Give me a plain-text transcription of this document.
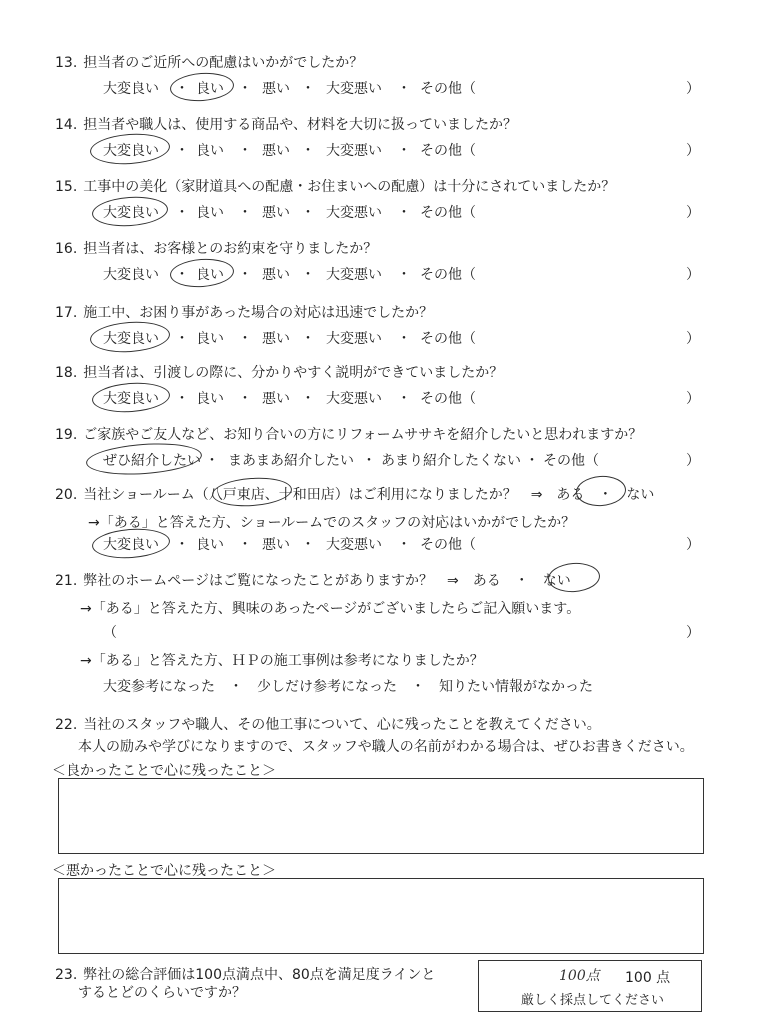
13. 担当者のご近所への配慮はいかがでしたか？
大変良い ・ 良い ・ 悪い ・ 大変悪い ・ その他（	）
14. 担当者や職人は、使用する商品や、材料を大切に扱っていましたか？
大変良い ・ 良い ・ 悪い ・ 大変悪い ・ その他（	）
15. 工事中の美化（家財道具への配慮・お住まいへの配慮）は十分にされていましたか？
大変良い ・ 良い ・ 悪い ・ 大変悪い ・ その他（	）
16. 担当者は、お客様とのお約束を守りましたか？
大変良い ・ 良い ・ 悪い ・ 大変悪い ・ その他（	）
17. 施工中、お困り事があった場合の対応は迅速でしたか？
大変良い ・ 良い ・ 悪い ・ 大変悪い ・ その他（	）
18. 担当者は、引渡しの際に、分かりやすく説明ができていましたか？
大変良い ・ 良い ・ 悪い ・ 大変悪い ・ その他（	）
19. ご家族やご友人など、お知り合いの方にリフォームササキを紹介したいと思われますか？
ぜひ紹介したい ・ まあまあ紹介したい ・ あまり紹介したくない ・ その他（	）
20. 当社ショールーム（八戸東店、十和田店）はご利用になりましたか？　⇒　ある　・　ない
→「ある」と答えた方、ショールームでのスタッフの対応はいかがでしたか？
大変良い ・ 良い ・ 悪い ・ 大変悪い ・ その他（	）
21. 弊社のホームページはご覧になったことがありますか？　⇒　ある　・　ない
→「ある」と答えた方、興味のあったページがございましたらご記入願います。
（	）
→「ある」と答えた方、ＨＰの施工事例は参考になりましたか？
大変参考になった　・　少しだけ参考になった　・　知りたい情報がなかった
22. 当社のスタッフや職人、その他工事について、心に残ったことを教えてください。
本人の励みや学びになりますので、スタッフや職人の名前がわかる場合は、ぜひお書きください。
＜良かったことで心に残ったこと＞
＜悪かったことで心に残ったこと＞
23. 弊社の総合評価は100点満点中、80点を満足度ラインと
するとどのくらいですか？
100点 100 点
厳しく採点してください
